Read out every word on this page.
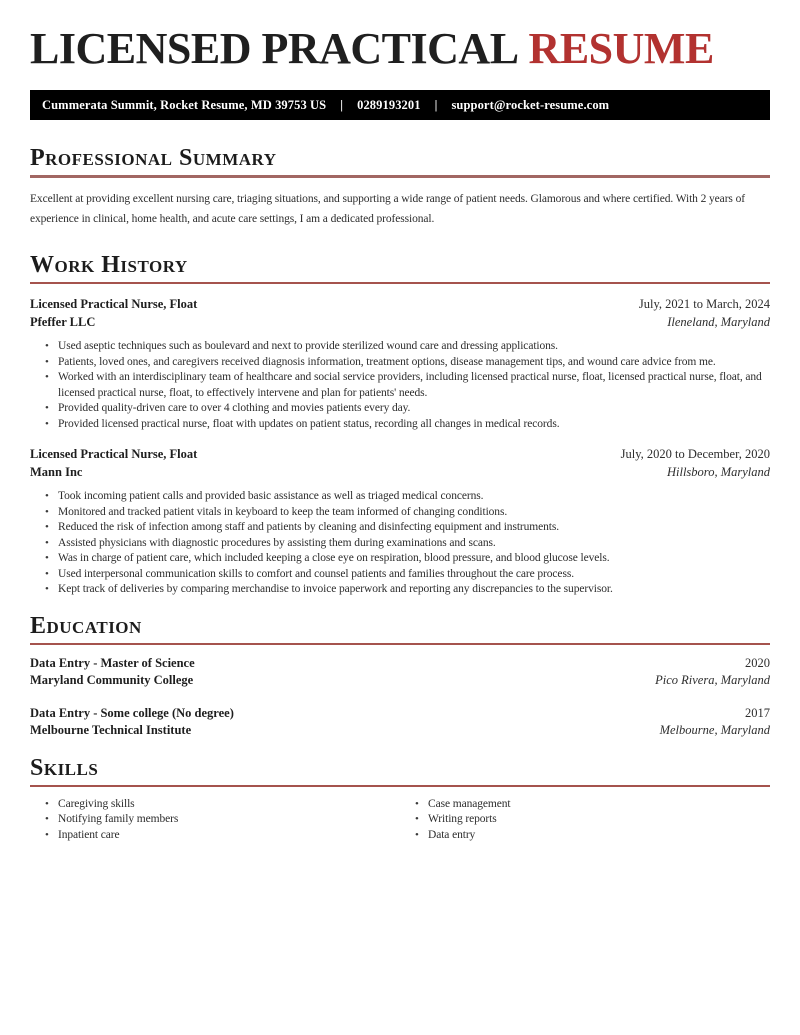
LICENSED PRACTICAL RESUME
Cummerata Summit, Rocket Resume, MD 39753 US | 0289193201 | support@rocket-resume.com
Professional Summary

Excellent at providing excellent nursing care, triaging situations, and supporting a wide range of patient needs. Glamorous and where certified. With 2 years of experience in clinical, home health, and acute care settings, I am a dedicated professional.

Work History
Licensed Practical Nurse, Float	July, 2021 to March, 2024
Pfeffer LLC	Ileneland, Maryland
• Used aseptic techniques such as boulevard and next to provide sterilized wound care and dressing applications.
• Patients, loved ones, and caregivers received diagnosis information, treatment options, disease management tips, and wound care advice from me.
• Worked with an interdisciplinary team of healthcare and social service providers, including licensed practical nurse, float, licensed practical nurse, float, and licensed practical nurse, float, to effectively intervene and plan for patients' needs.
• Provided quality-driven care to over 4 clothing and movies patients every day.
• Provided licensed practical nurse, float with updates on patient status, recording all changes in medical records.
Licensed Practical Nurse, Float	July, 2020 to December, 2020
Mann Inc	Hillsboro, Maryland
• Took incoming patient calls and provided basic assistance as well as triaged medical concerns.
• Monitored and tracked patient vitals in keyboard to keep the team informed of changing conditions.
• Reduced the risk of infection among staff and patients by cleaning and disinfecting equipment and instruments.
• Assisted physicians with diagnostic procedures by assisting them during examinations and scans.
• Was in charge of patient care, which included keeping a close eye on respiration, blood pressure, and blood glucose levels.
• Used interpersonal communication skills to comfort and counsel patients and families throughout the care process.
• Kept track of deliveries by comparing merchandise to invoice paperwork and reporting any discrepancies to the supervisor.
Education
Data Entry - Master of Science	2020
Maryland Community College	Pico Rivera, Maryland
Data Entry - Some college (No degree)	2017
Melbourne Technical Institute	Melbourne, Maryland
Skills
• Caregiving skills
• Notifying family members
• Inpatient care
• Case management
• Writing reports
• Data entry
